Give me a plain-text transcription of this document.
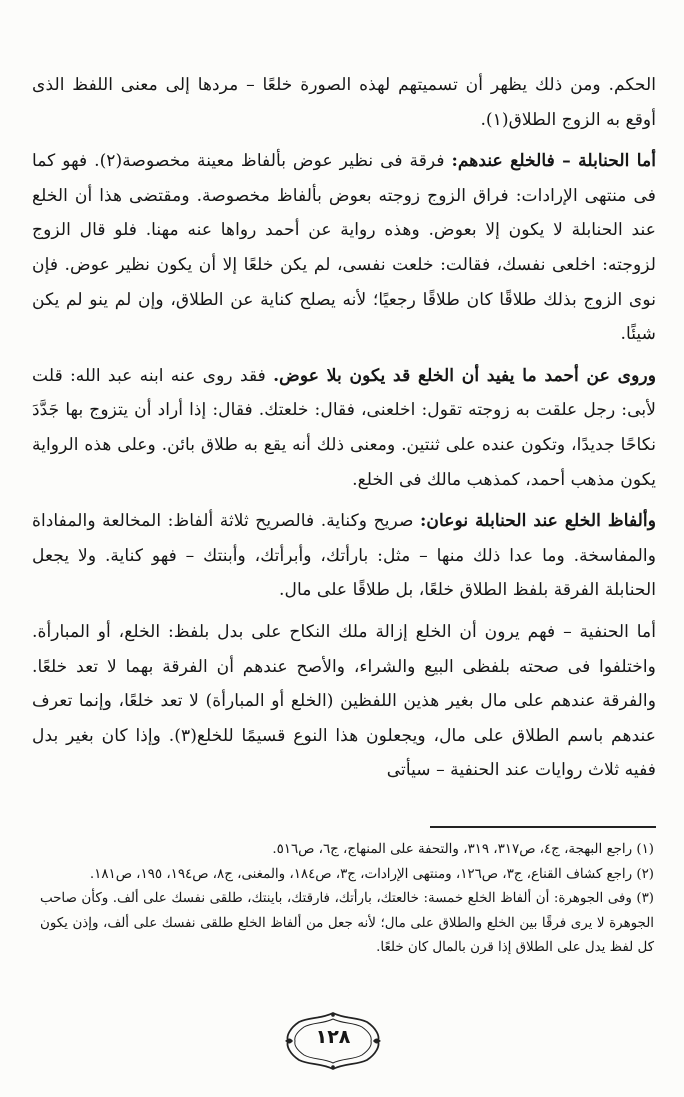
الحكم. ومن ذلك يظهر أن تسميتهم لهذه الصورة خلعًا – مردها إلى معنى اللفظ الذى أوقع به الزوج الطلاق(١).

أما الحنابلة – فالخلع عندهم: فرقة فى نظير عوض بألفاظ معينة مخصوصة(٢). فهو كما فى منتهى الإرادات: فراق الزوج زوجته بعوض بألفاظ مخصوصة. ومقتضى هذا أن الخلع عند الحنابلة لا يكون إلا بعوض. وهذه رواية عن أحمد رواها عنه مهنا. فلو قال الزوج لزوجته: اخلعى نفسك، فقالت: خلعت نفسى، لم يكن خلعًا إلا أن يكون نظير عوض. فإن نوى الزوج بذلك طلاقًا كان طلاقًا رجعيًا؛ لأنه يصلح كناية عن الطلاق، وإن لم ينو لم يكن شيئًا.

وروى عن أحمد ما يفيد أن الخلع قد يكون بلا عوض. فقد روى عنه ابنه عبد الله: قلت لأبى: رجل علقت به زوجته تقول: اخلعنى، فقال: خلعتك. فقال: إذا أراد أن يتزوج بها جَدَّدَ نكاحًا جديدًا، وتكون عنده على ثنتين. ومعنى ذلك أنه يقع به طلاق بائن. وعلى هذه الرواية يكون مذهب أحمد، كمذهب مالك فى الخلع.

وألفاظ الخلع عند الحنابلة نوعان: صريح وكناية. فالصريح ثلاثة ألفاظ: المخالعة والمفاداة والمفاسخة. وما عدا ذلك منها – مثل: بارأتك، وأبرأتك، وأبنتك – فهو كناية. ولا يجعل الحنابلة الفرقة بلفظ الطلاق خلعًا، بل طلاقًا على مال.

أما الحنفية – فهم يرون أن الخلع إزالة ملك النكاح على بدل بلفظ: الخلع، أو المبارأة. واختلفوا فى صحته بلفظى البيع والشراء، والأصح عندهم أن الفرقة بهما لا تعد خلعًا. والفرقة عندهم على مال بغير هذين اللفظين (الخلع أو المبارأة) لا تعد خلعًا، وإنما تعرف عندهم باسم الطلاق على مال، ويجعلون هذا النوع قسيمًا للخلع(٣). وإذا كان بغير بدل ففيه ثلاث روايات عند الحنفية – سيأتى

(١) راجع البهجة، ج٤، ص٣١٧، ٣١٩، والتحفة على المنهاج، ج٦، ص٥١٦.

(٢) راجع كشاف القناع، ج٣، ص١٢٦، ومنتهى الإرادات، ج٣، ص١٨٤، والمغنى، ج٨، ص١٩٤، ١٩٥، ص١٨١.

(٣) وفى الجوهرة: أن ألفاظ الخلع خمسة: خالعتك، بارأتك، فارقتك، باينتك، طلقى نفسك على ألف. وكأن صاحب الجوهرة لا يرى فرقًا بين الخلع والطلاق على مال؛ لأنه جعل من ألفاظ الخلع طلقى نفسك على ألف، وإذن يكون كل لفظ يدل على الطلاق إذا قرن بالمال كان خلعًا.

١٢٨
